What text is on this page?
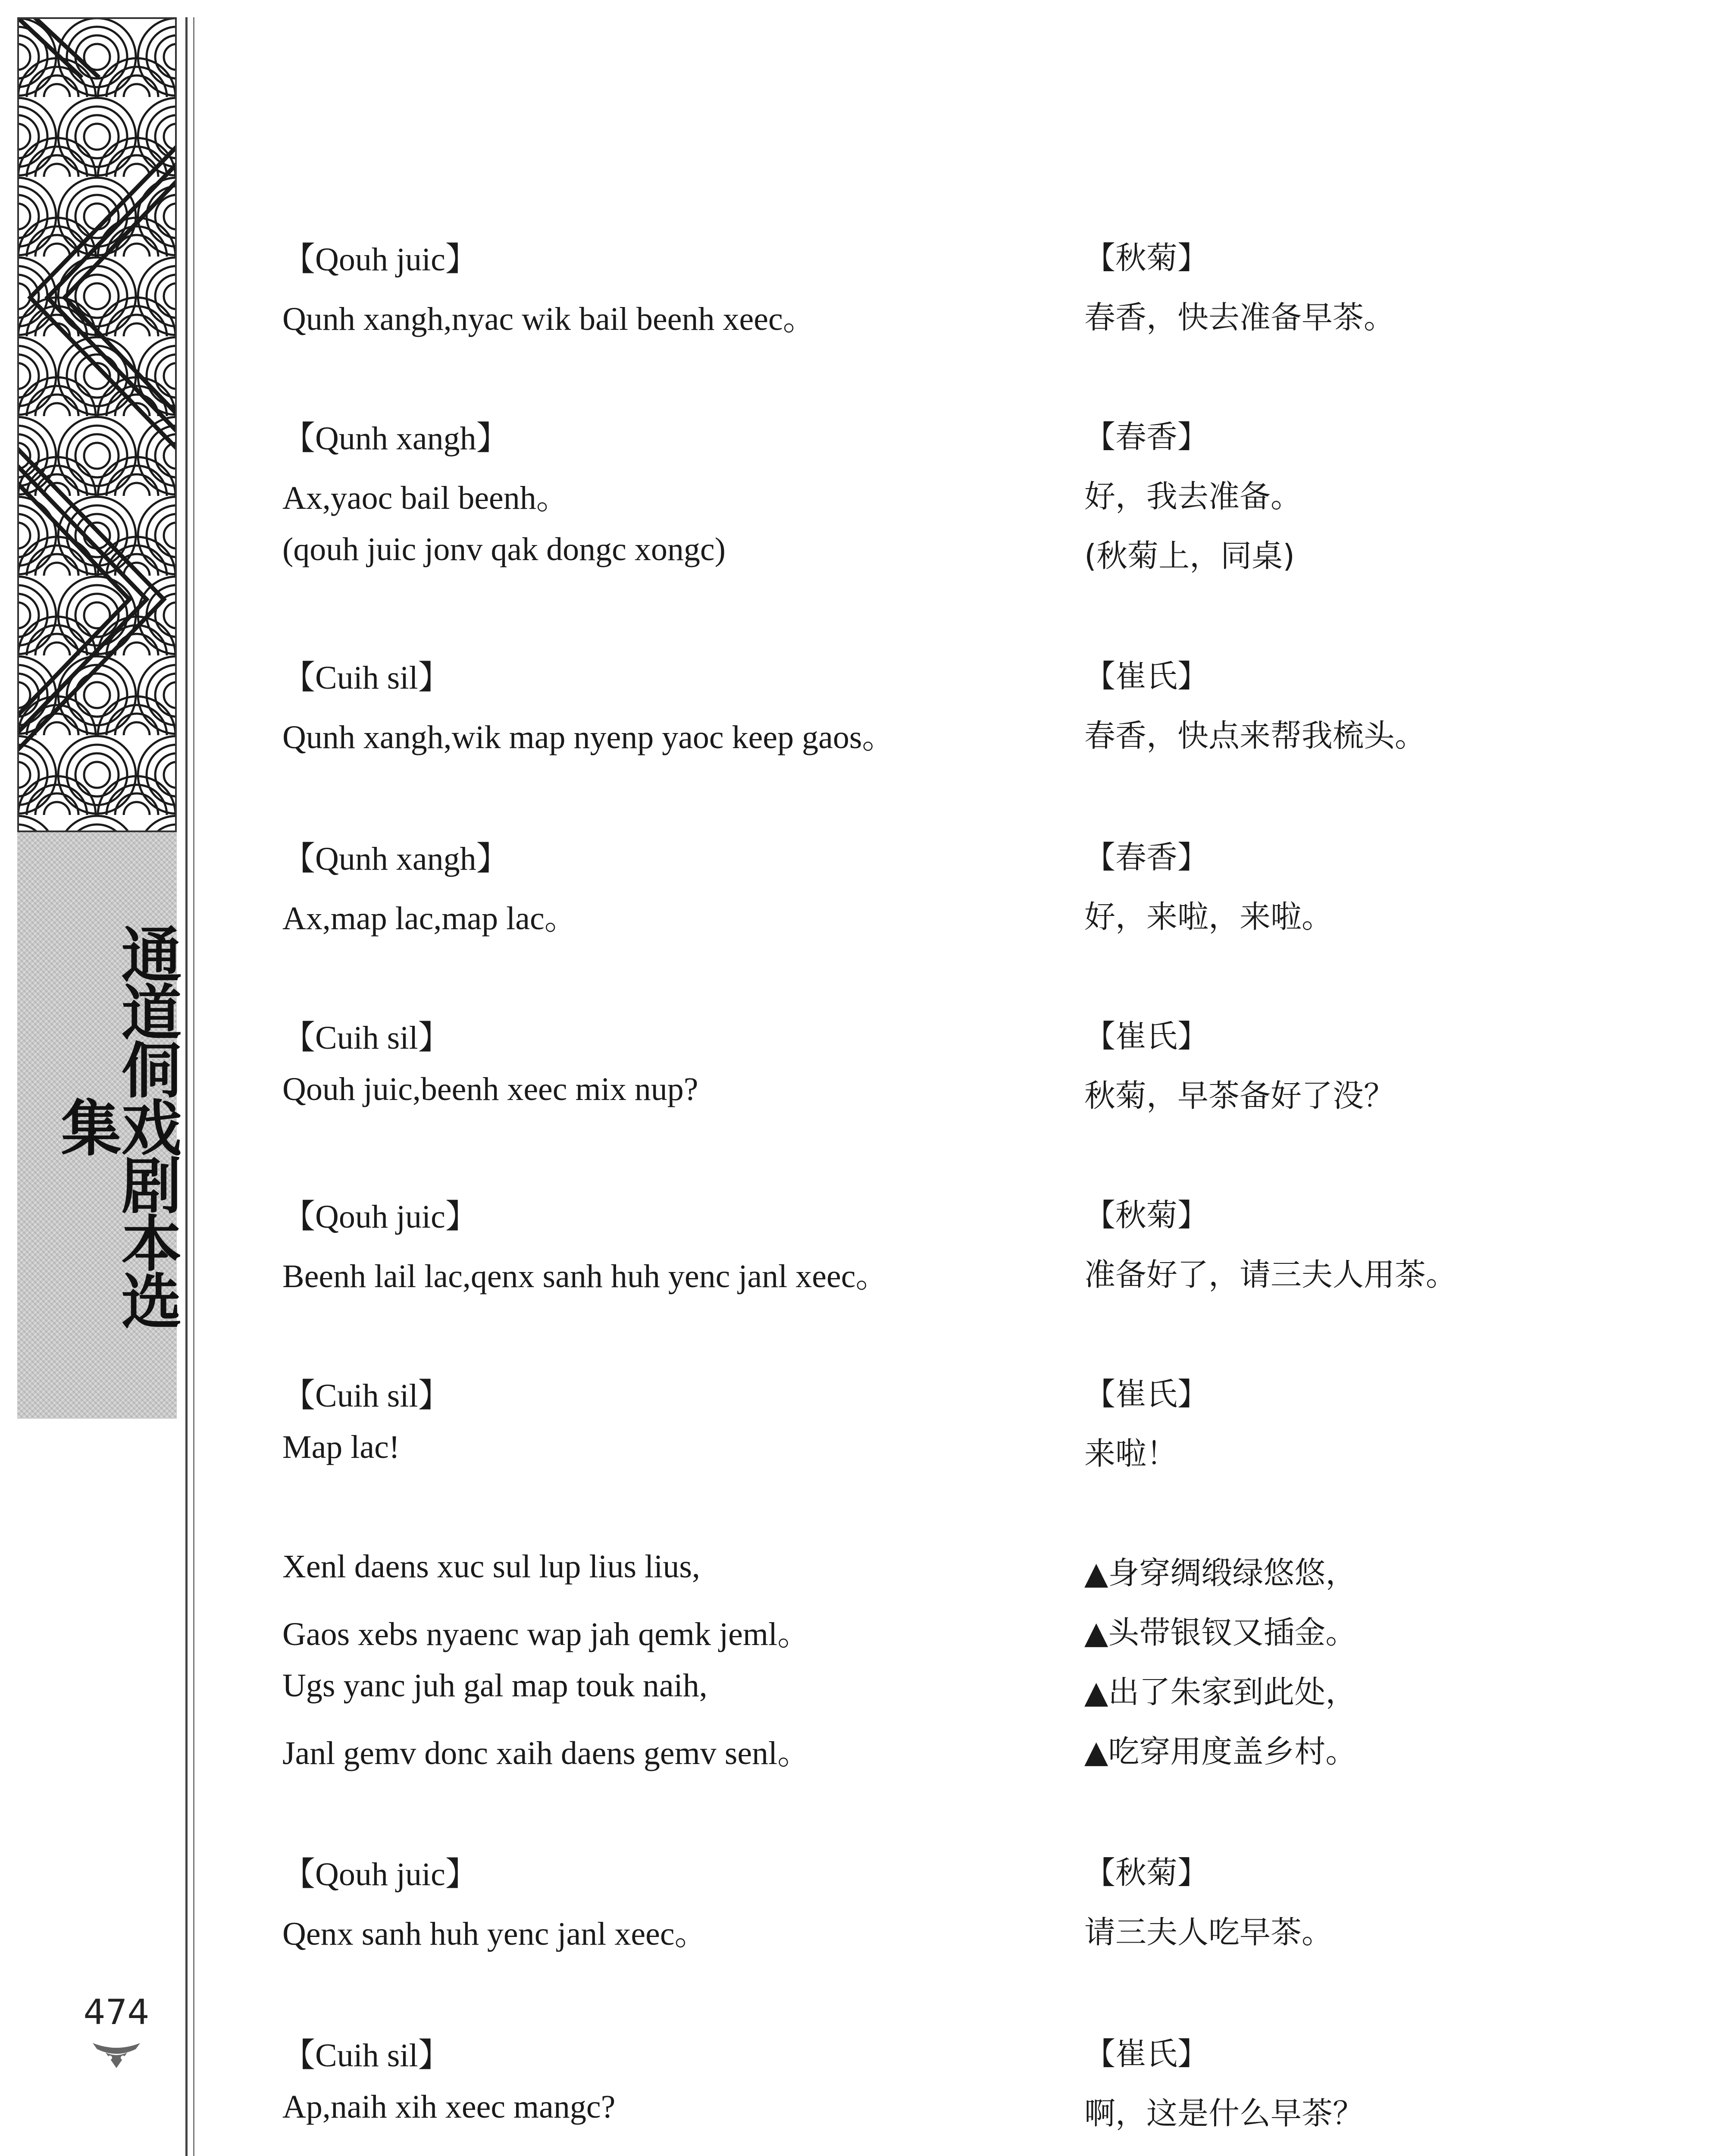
通道侗戏剧本选集
474

【Qouh juic】

Qunh xangh,nyac wik bail beenh xeec。

【秋菊】

春香，快去准备早茶。

【Qunh xangh】

Ax,yaoc bail beenh。

(qouh juic jonv qak dongc xongc)

【春香】

好，我去准备。

(秋菊上，同桌)

【Cuih sil】

Qunh xangh,wik map nyenp yaoc keep gaos。

【崔氏】

春香，快点来帮我梳头。

【Qunh xangh】

Ax,map lac,map lac。

【春香】

好，来啦，来啦。

【Cuih sil】

Qouh juic,beenh xeec mix nup?

【崔氏】

秋菊，早茶备好了没？

【Qouh juic】

Beenh lail lac,qenx sanh huh yenc janl xeec。

【秋菊】

准备好了，请三夫人用茶。

【Cuih sil】

Map lac!

【崔氏】

来啦！

Xenl daens xuc sul lup lius lius,

Gaos xebs nyaenc wap jah qemk jeml。

Ugs yanc juh gal map touk naih,

Janl gemv donc xaih daens gemv senl。

▲身穿绸缎绿悠悠，

▲头带银钗又插金。

▲出了朱家到此处，

▲吃穿用度盖乡村。

【Qouh juic】

Qenx sanh huh yenc janl xeec。

【秋菊】

请三夫人吃早茶。

【Cuih sil】

Ap,naih xih xeec mangc?

【崔氏】

啊，这是什么早茶？
